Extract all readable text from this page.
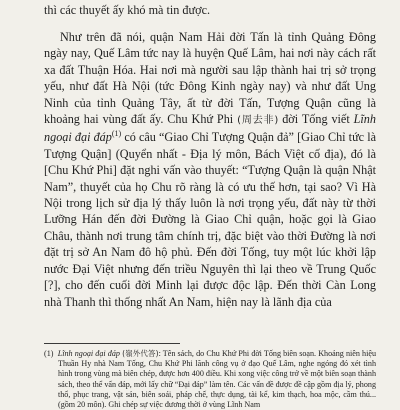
thì các thuyết ấy khó mà tin được.

Như trên đã nói, quận Nam Hải đời Tấn là tỉnh Quảng Đông ngày nay, Quế Lâm tức nay là huyện Quế Lâm, hai nơi này cách rất xa đất Thuận Hóa. Hai nơi mà người sau lập thành hai trị sở trọng yếu, như đất Hà Nội (tức Đông Kinh ngày nay) và như đất Ung Ninh của tỉnh Quảng Tây, ất từ đời Tấn, Tượng Quận cũng là khoảng hai vùng đất ấy. Chu Khứ Phi (周去非) đời Tống viết Lĩnh ngoại đại đáp$^{(1)}$ có câu “Giao Chỉ Tượng Quận đả” [Giao Chỉ tức là Tượng Quận] (Quyển nhất - Địa lý môn, Bách Việt cố địa), đó là [Chu Khứ Phi] đặt nghi vấn vào thuyết: “Tượng Quận là quận Nhật Nam”, thuyết của họ Chu rõ ràng là có ưu thế hơn, tại sao? Vì Hà Nội trong lịch sử địa lý thấy luôn là nơi trọng yếu, đất này từ thời Lưỡng Hán đến đời Đường là Giao Chỉ quận, hoặc gọi là Giao Châu, thành nơi trung tâm chính trị, đặc biệt vào thời Đường là nơi đặt trị sở An Nam đô hộ phủ. Đến đời Tống, tuy một lúc khởi lập nước Đại Việt nhưng đến triều Nguyên thì lại theo về Trung Quốc [?], cho đến cuối đời Minh lại được độc lập. Đến thời Càn Long nhà Thanh thì thống nhất An Nam, hiện nay là lãnh địa của

(1) Lĩnh ngoại đại đáp (嶺外代答): Tên sách, do Chu Khứ Phi đời Tống biên soạn. Khoảng niên hiệu Thuần Hy nhà Nam Tống, Chu Khứ Phi lãnh công vụ ở đạo Quế Lâm, nghe ngóng đó xét tình hình trong vùng mà biên chép, được hơn 400 điều. Khi xong việc công trở về một biên soạn thành sách, theo thể vấn đáp, mới lấy chữ “Đại đáp” làm tên. Các vấn đề được đề cập gồm địa lý, phong thổ, phục trang, vật sản, biên soái, pháp chế, thực dụng, tài kể, kim thạch, hoa mộc, cầm thú... (gồm 20 môn). Ghi chép sự việc đương thời ở vùng Lĩnh Nam
